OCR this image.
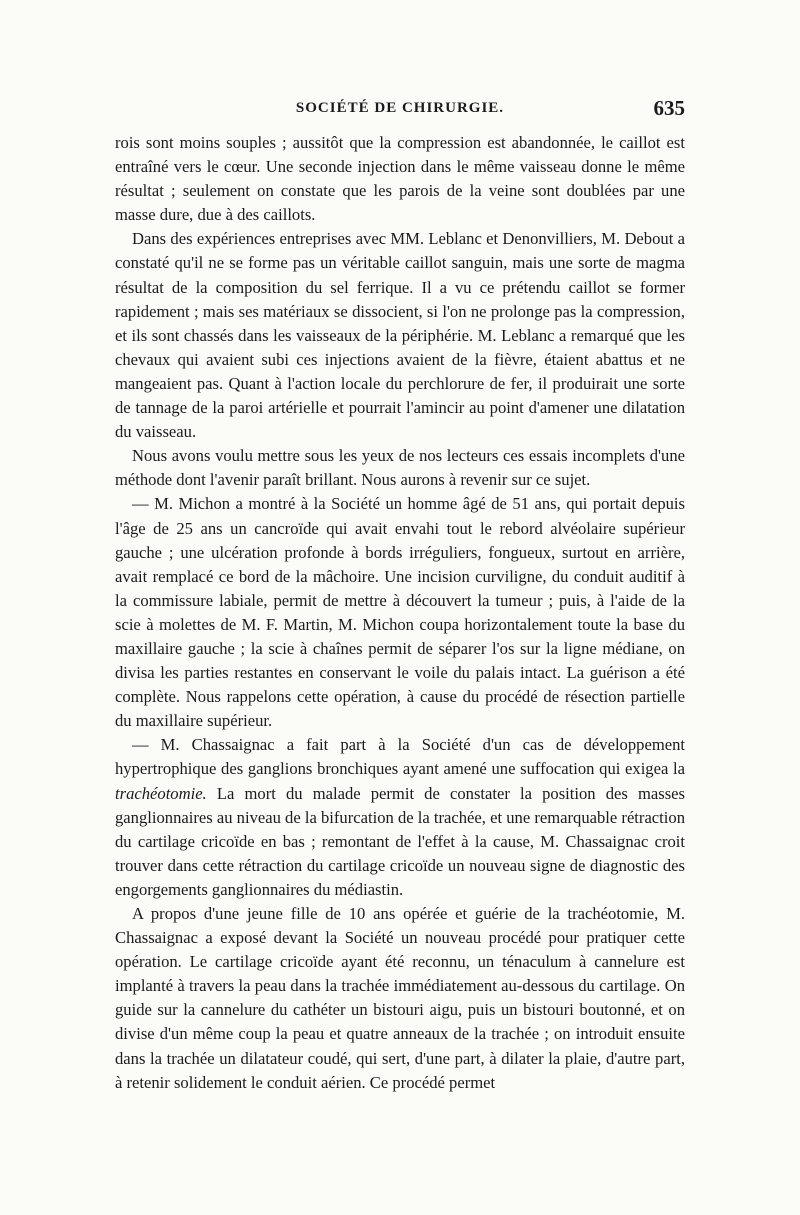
SOCIÉTÉ DE CHIRURGIE.	635

rois sont moins souples ; aussitôt que la compression est abandonnée, le caillot est entraîné vers le cœur. Une seconde injection dans le même vaisseau donne le même résultat ; seulement on constate que les parois de la veine sont doublées par une masse dure, due à des caillots.

Dans des expériences entreprises avec MM. Leblanc et Denonvilliers, M. Debout a constaté qu'il ne se forme pas un véritable caillot sanguin, mais une sorte de magma résultat de la composition du sel ferrique. Il a vu ce prétendu caillot se former rapidement ; mais ses matériaux se dissocient, si l'on ne prolonge pas la compression, et ils sont chassés dans les vaisseaux de la périphérie. M. Leblanc a remarqué que les chevaux qui avaient subi ces injections avaient de la fièvre, étaient abattus et ne mangeaient pas. Quant à l'action locale du perchlorure de fer, il produirait une sorte de tannage de la paroi artérielle et pourrait l'amincir au point d'amener une dilatation du vaisseau.

Nous avons voulu mettre sous les yeux de nos lecteurs ces essais incomplets d'une méthode dont l'avenir paraît brillant. Nous aurons à revenir sur ce sujet.

— M. Michon a montré à la Société un homme âgé de 51 ans, qui portait depuis l'âge de 25 ans un cancroïde qui avait envahi tout le rebord alvéolaire supérieur gauche ; une ulcération profonde à bords irréguliers, fongueux, surtout en arrière, avait remplacé ce bord de la mâchoire. Une incision curviligne, du conduit auditif à la commissure labiale, permit de mettre à découvert la tumeur ; puis, à l'aide de la scie à molettes de M. F. Martin, M. Michon coupa horizontalement toute la base du maxillaire gauche ; la scie à chaînes permit de séparer l'os sur la ligne médiane, on divisa les parties restantes en conservant le voile du palais intact. La guérison a été complète. Nous rappelons cette opération, à cause du procédé de résection partielle du maxillaire supérieur.

— M. Chassaignac a fait part à la Société d'un cas de développement hypertrophique des ganglions bronchiques ayant amené une suffocation qui exigea la trachéotomie. La mort du malade permit de constater la position des masses ganglionnaires au niveau de la bifurcation de la trachée, et une remarquable rétraction du cartilage cricoïde en bas ; remontant de l'effet à la cause, M. Chassaignac croit trouver dans cette rétraction du cartilage cricoïde un nouveau signe de diagnostic des engorgements ganglionnaires du médiastin.

A propos d'une jeune fille de 10 ans opérée et guérie de la trachéotomie, M. Chassaignac a exposé devant la Société un nouveau procédé pour pratiquer cette opération. Le cartilage cricoïde ayant été reconnu, un ténaculum à cannelure est implanté à travers la peau dans la trachée immédiatement au-dessous du cartilage. On guide sur la cannelure du cathéter un bistouri aigu, puis un bistouri boutonné, et on divise d'un même coup la peau et quatre anneaux de la trachée ; on introduit ensuite dans la trachée un dilatateur coudé, qui sert, d'une part, à dilater la plaie, d'autre part, à retenir solidement le conduit aérien. Ce procédé permet
